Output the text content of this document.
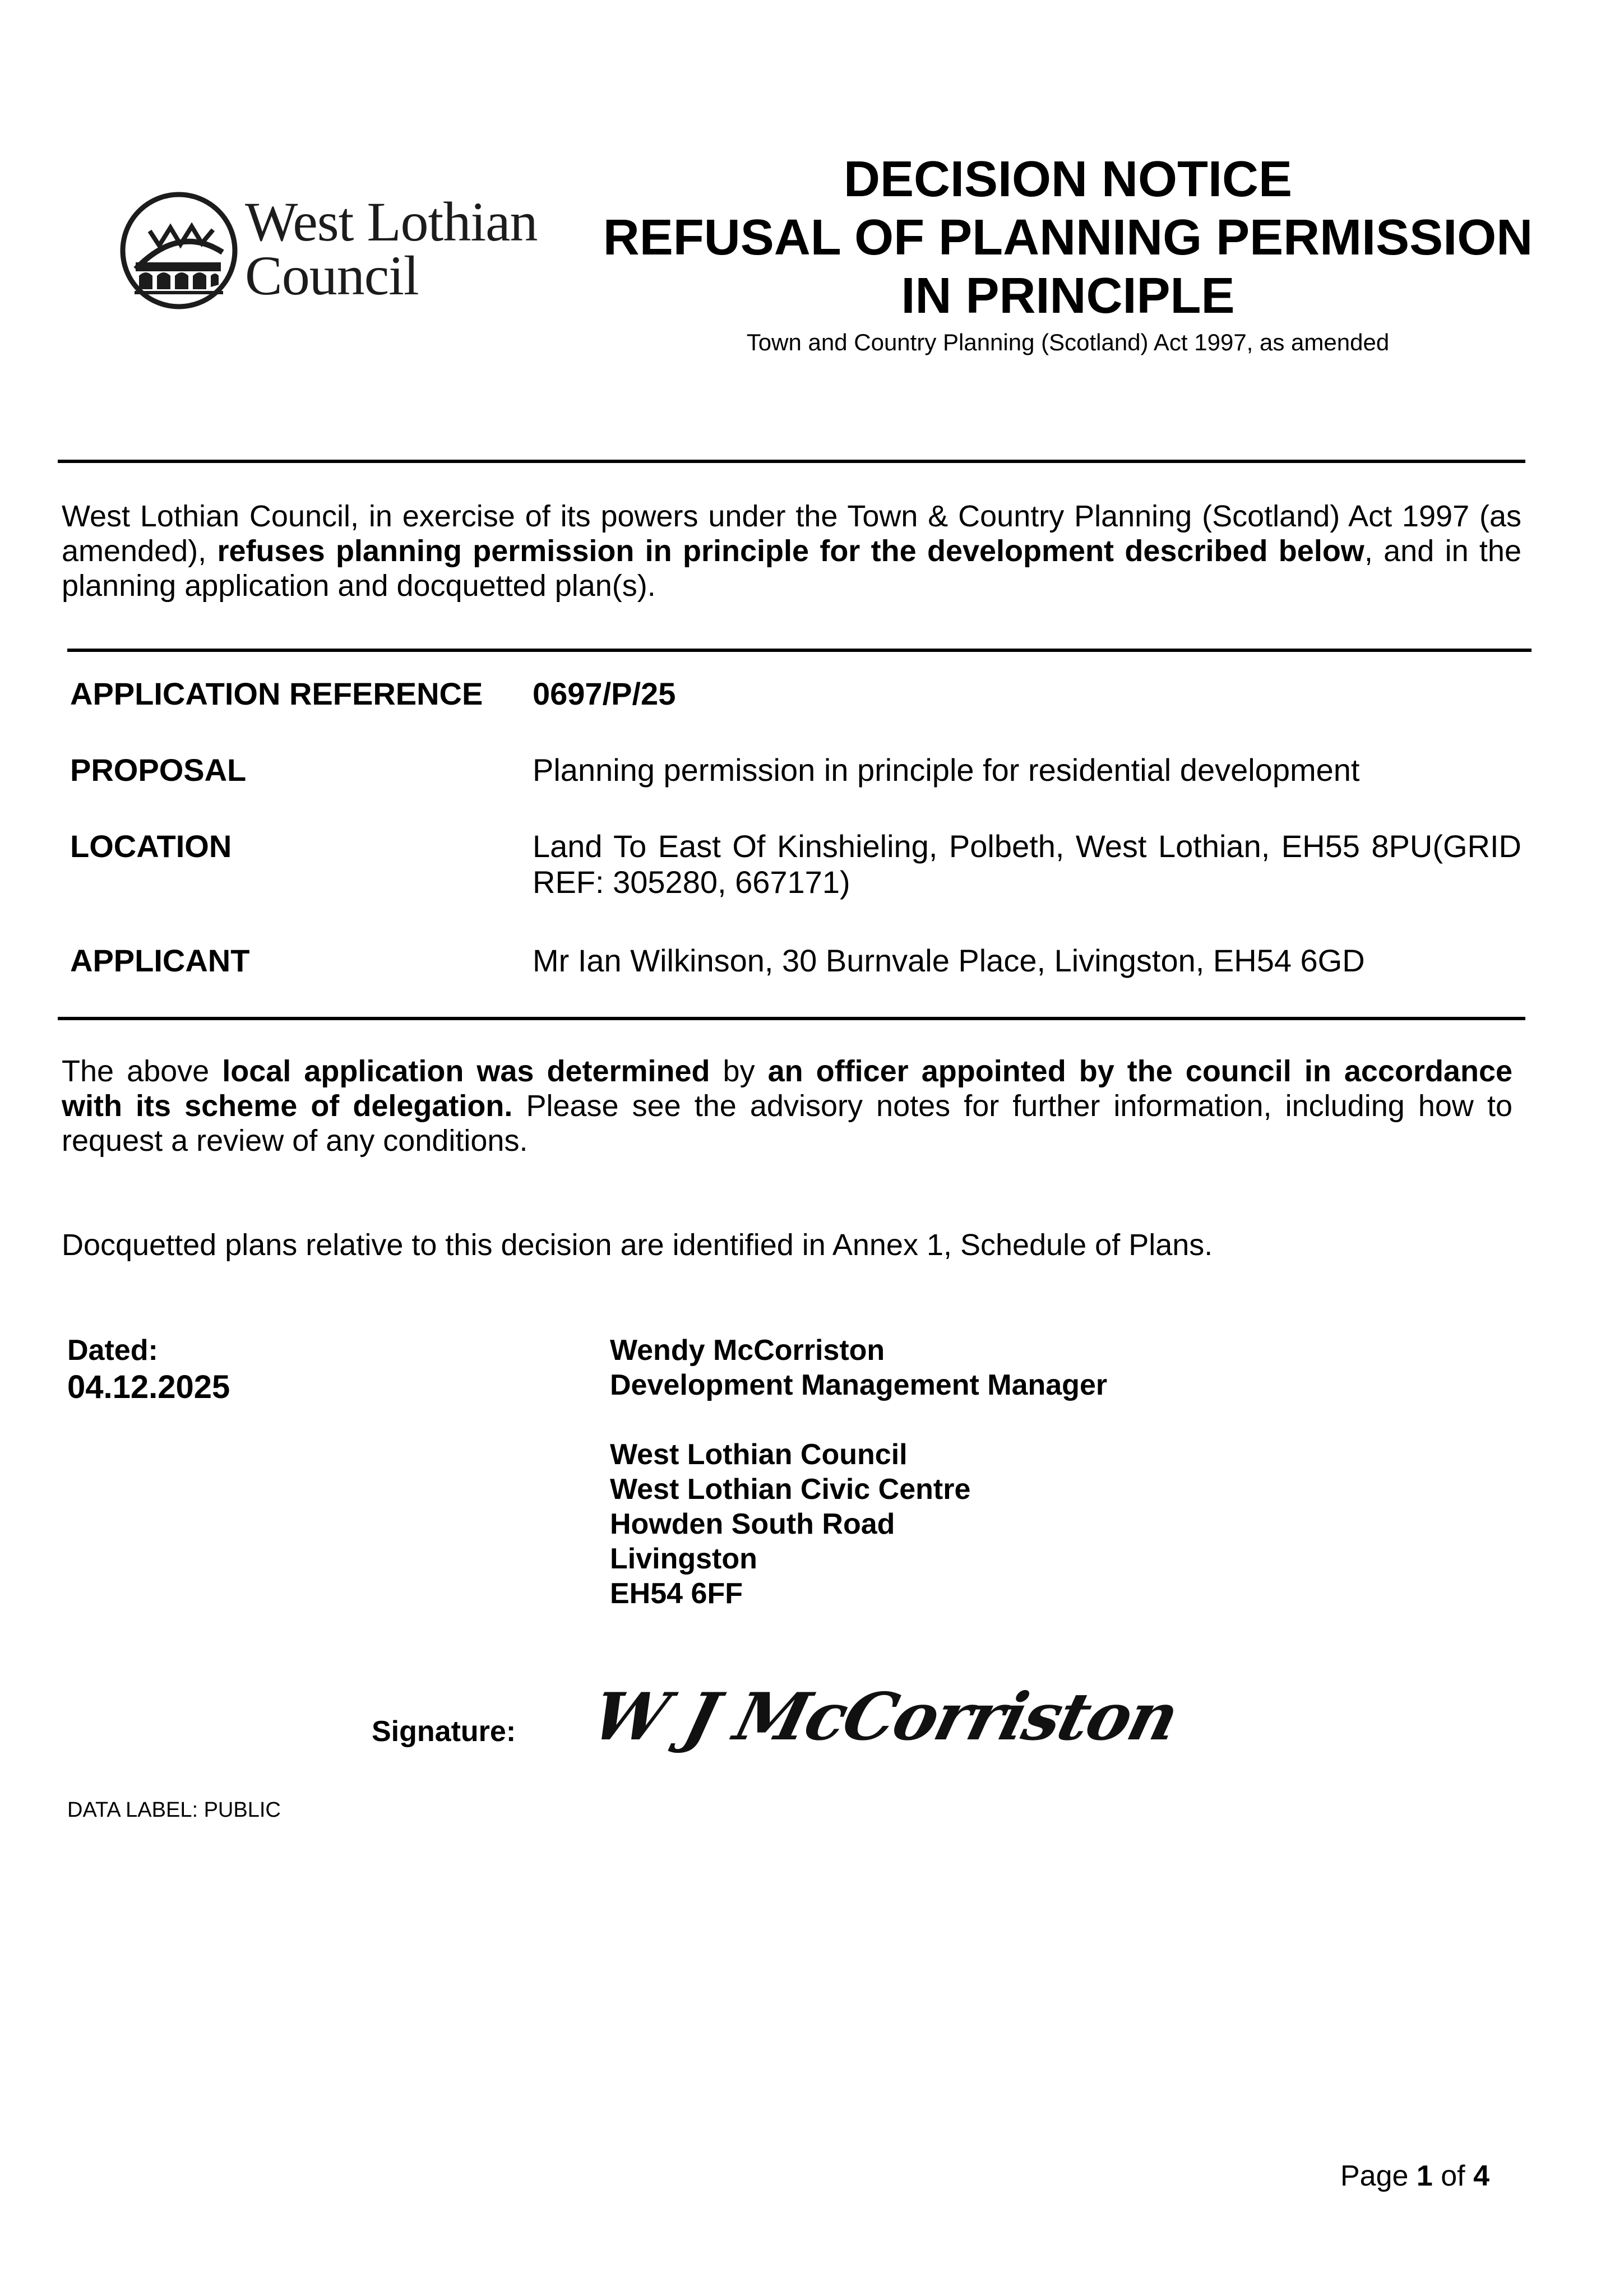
West Lothian
Council
DECISION NOTICE
REFUSAL OF PLANNING PERMISSION
IN PRINCIPLE
Town and Country Planning (Scotland) Act 1997, as amended
West Lothian Council, in exercise of its powers under the Town & Country Planning (Scotland) Act 1997 (as amended), refuses planning permission in principle for the development described below, and in the planning application and docquetted plan(s).
APPLICATION REFERENCE 0697/P/25
PROPOSAL	Planning permission in principle for residential development
LOCATION	Land To East Of Kinshieling, Polbeth, West Lothian, EH55 8PU(GRID REF: 305280, 667171)
APPLICANT	Mr Ian Wilkinson, 30 Burnvale Place, Livingston, EH54 6GD
The above local application was determined by an officer appointed by the council in accordance with its scheme of delegation. Please see the advisory notes for further information, including how to request a review of any conditions.
Docquetted plans relative to this decision are identified in Annex 1, Schedule of Plans.
Dated:
04.12.2025
Wendy McCorriston
Development Management Manager
West Lothian Council
West Lothian Civic Centre
Howden South Road
Livingston
EH54 6FF
Signature: W J McCorriston
DATA LABEL: PUBLIC
Page 1 of 4
